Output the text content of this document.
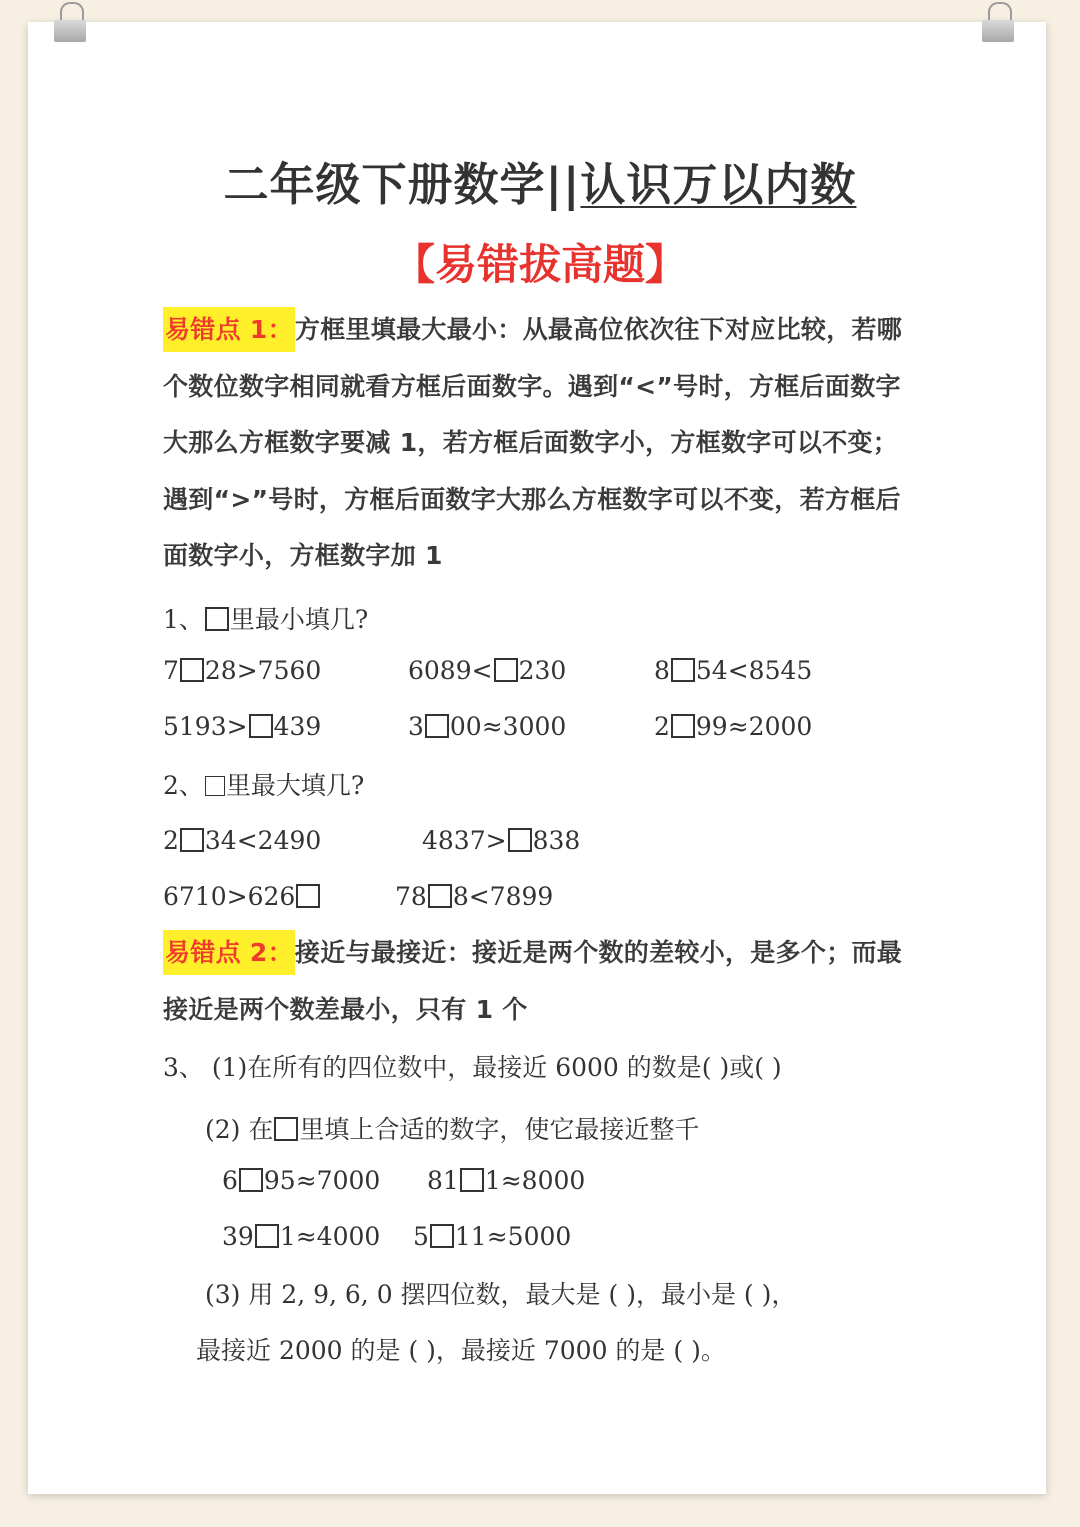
二年级下册数学||认识万以内数
【易错拔高题】
易错点 1：方框里填最大最小：从最高位依次往下对应比较，若哪个数位数字相同就看方框后面数字。遇到“<”号时，方框后面数字大那么方框数字要减 1，若方框后面数字小，方框数字可以不变；遇到“>”号时，方框后面数字大那么方框数字可以不变，若方框后面数字小，方框数字加 1
1、 里最小填几?
7 28>7560	6089< 230	8 54<8545
5193> 439	3 00≈3000	2 99≈2000
2、 里最大填几?
2 34<2490	4837> 838
6710>626	78 8<7899
易错点 2：接近与最接近：接近是两个数的差较小，是多个；而最接近是两个数差最小，只有 1 个
3、 (1)在所有的四位数中，最接近 6000 的数是( )或( )
(2) 在 里填上合适的数字，使它最接近整千
6 95≈7000 81 1≈8000
39 1≈4000 5 11≈5000
(3) 用 2, 9, 6, 0 摆四位数，最大是 ( )，最小是 ( )，
最接近 2000 的是 ( )，最接近 7000 的是 ( )。
